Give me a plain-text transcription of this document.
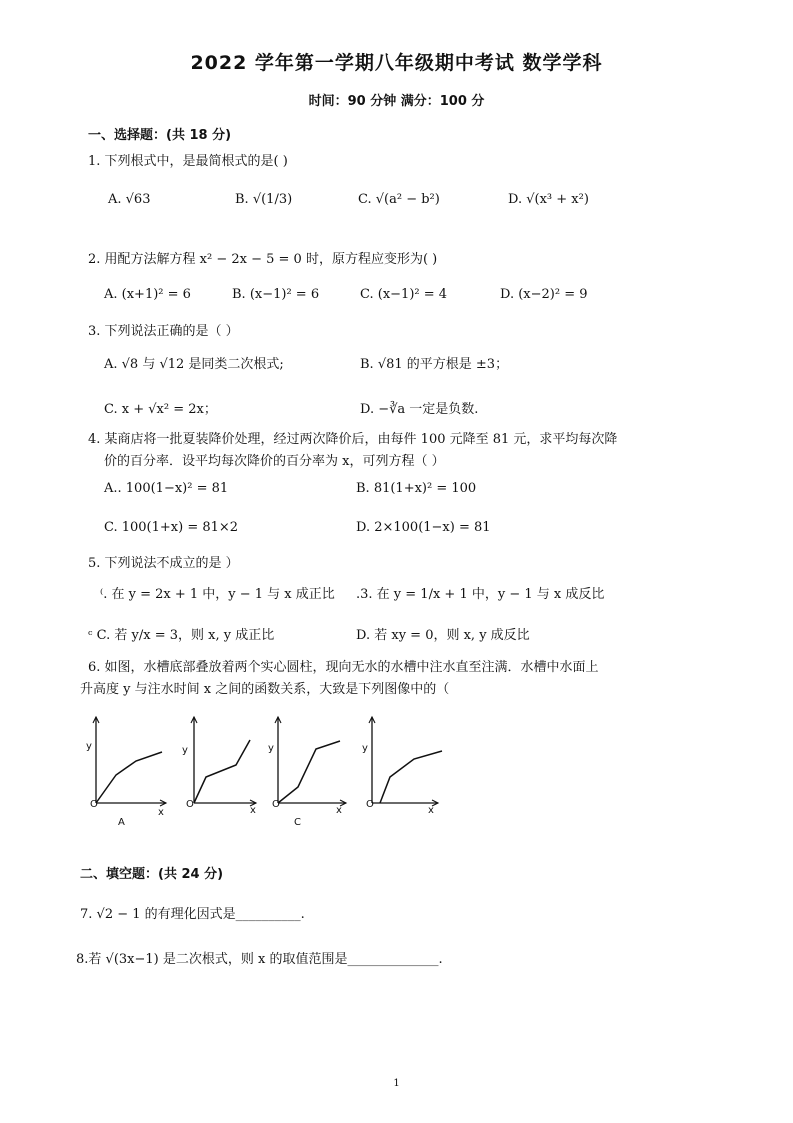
2022 学年第一学期八年级期中考试 数学学科
时间：90 分钟 满分：100 分
一、选择题：(共 18 分)
1. 下列根式中，是最简根式的是( )
A. √63	B. √(1/3)	C. √(a² − b²)	D. √(x³ + x²)
2. 用配方法解方程 x² − 2x − 5 = 0 时，原方程应变形为( )
A. (x+1)² = 6	B. (x−1)² = 6	C. (x−1)² = 4	D. (x−2)² = 9
3. 下列说法正确的是（ ）
A. √8 与 √12 是同类二次根式;	B. √81 的平方根是 ±3；
C. x + √x² = 2x；	D. −∛a 一定是负数.
4. 某商店将一批夏装降价处理，经过两次降价后，由每件 100 元降至 81 元，求平均每次降
价的百分率．设平均每次降价的百分率为 x，可列方程（ ）
A.. 100(1−x)² = 81	B. 81(1+x)² = 100
C. 100(1+x) = 81×2	D. 2×100(1−x) = 81
5. 下列说法不成立的是 ）
⁽. 在 y = 2x + 1 中，y − 1 与 x 成正比 .3. 在 y = 1/x + 1 中，y − 1 与 x 成反比
ᶜ C. 若 y/x = 3，则 x, y 成正比	D. 若 xy = 0，则 x, y 成反比
6. 如图，水槽底部叠放着两个实心圆柱，现向无水的水槽中注水直至注满．水槽中水面上
升高度 y 与注水时间 x 之间的函数关系，大致是下列图像中的（
y
O
x
A
y
O
x
y
O
x
C
y
O
x
二、填空题：(共 24 分)
7. √2 − 1 的有理化因式是__________.
8.若 √(3x−1) 是二次根式，则 x 的取值范围是______________.
1
